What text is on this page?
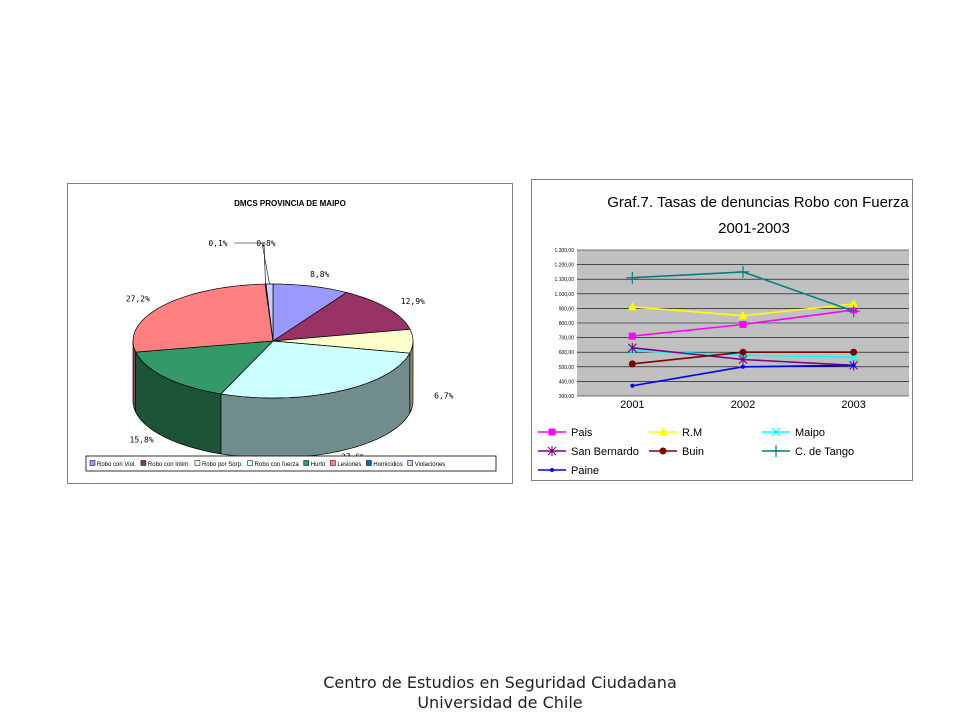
DMCS PROVINCIA DE MAIPO
8,8%
12,9%
6,7%
15,8%
27,2%
0,1%	0,8%
Robo con Viol. Robo con Intim. Robo por Sorp. Robo con fuerza Hurto Lesiones Homicidios Violaciones
Graf.7. Tasas de denuncias Robo con Fuerza
2001-2003
300,00
400,00
500,00
600,00
700,00
800,00
900,00
1.000,00
1.100,00
1.200,00
1.300,00
2001	2002	2003
Pais	R.M	Maipo
San Bernardo	Buin	C. de Tango
Paine
Centro de Estudios en Seguridad Ciudadana
Universidad de Chile
